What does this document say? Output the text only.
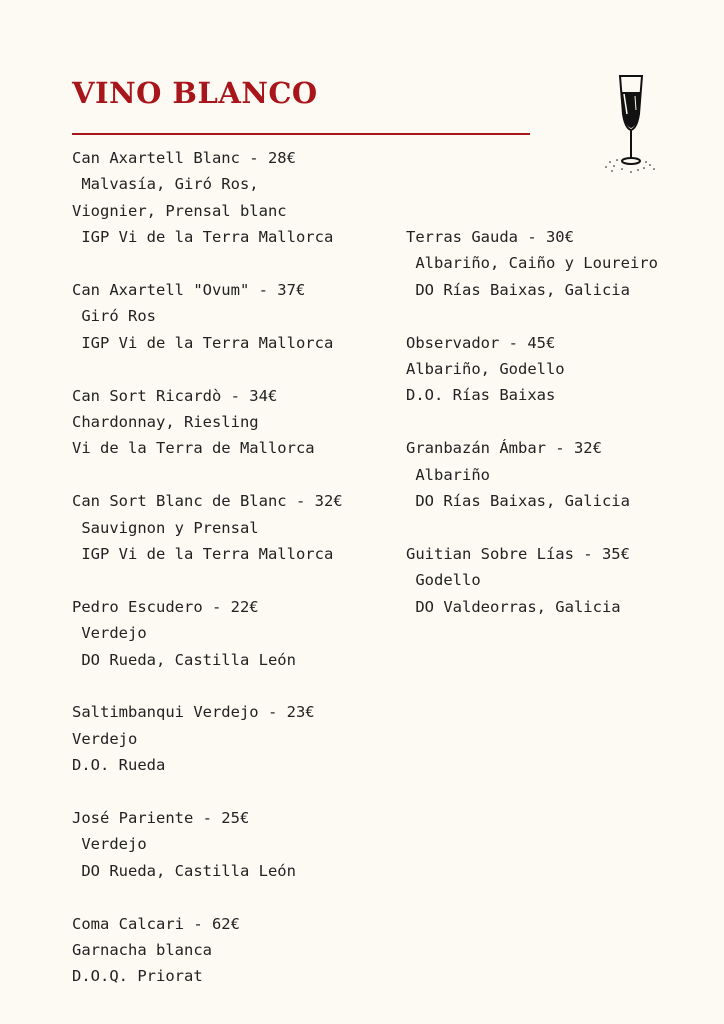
VINO BLANCO
Can Axartell Blanc - 28€
Malvasía, Giró Ros,
Viognier, Prensal blanc
IGP Vi de la Terra Mallorca
Can Axartell "Ovum" - 37€
Giró Ros
IGP Vi de la Terra Mallorca
Can Sort Ricardò - 34€
Chardonnay, Riesling
Vi de la Terra de Mallorca
Can Sort Blanc de Blanc - 32€
Sauvignon y Prensal
IGP Vi de la Terra Mallorca
Pedro Escudero - 22€
Verdejo
DO Rueda, Castilla León
Saltimbanqui Verdejo - 23€
Verdejo
D.O. Rueda
José Pariente - 25€
Verdejo
DO Rueda, Castilla León
Coma Calcari - 62€
Garnacha blanca
D.O.Q. Priorat
Terras Gauda - 30€
Albariño, Caiño y Loureiro
DO Rías Baixas, Galicia
Observador - 45€
Albariño, Godello
D.O. Rías Baixas
Granbazán Ámbar - 32€
Albariño
DO Rías Baixas, Galicia
Guitian Sobre Lías - 35€
Godello
DO Valdeorras, Galicia
